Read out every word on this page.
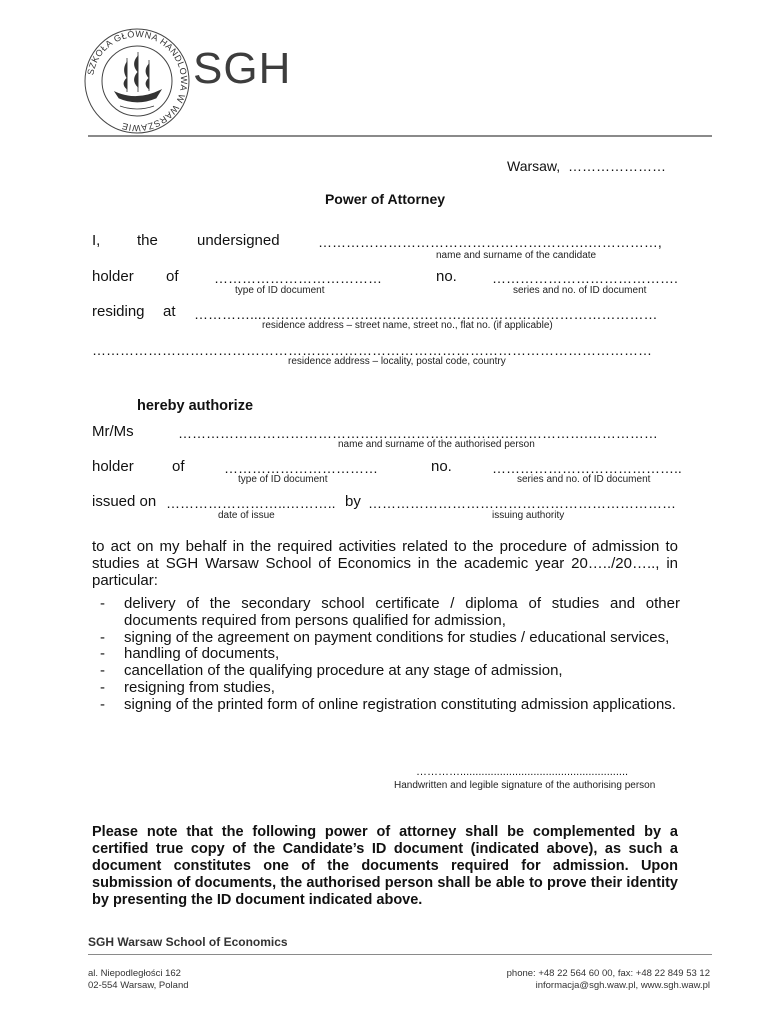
SZKOŁA GŁÓWNA HANDLOWA W WARSZAWIE
SGH
Warsaw, …………………
Power of Attorney
I, the	undersigned	………………………………………………….……………,
name and surname of the candidate
holder of	………………………………	no.	………………………………….
type of ID document	series and no. of ID document
residing at …………...…………………….……………………………………………………
residence address – street name, street no., flat no. (if applicable)
…………………………………………………………………………………………………………
residence address – locality, postal code, country
hereby authorize
Mr/Ms	…………………………………………………………………………….……………
name and surname of the authorised person
holder	of	……………………………	no.	…………………………………..
type of ID document	series and no. of ID document
issued on ……………………..……….. by …………………………………………………………
date of issue	issuing authority
to act on my behalf in the required activities related to the procedure of admission to studies at SGH Warsaw School of Economics in the academic year 20…../20….., in particular:
- delivery of the secondary school certificate / diploma of studies and other documents required from persons qualified for admission,
- signing of the agreement on payment conditions for studies / educational services,
- handling of documents,
- cancellation of the qualifying procedure at any stage of admission,
- resigning from studies,
- signing of the printed form of online registration constituting admission applications.
………….......................................................
Handwritten and legible signature of the authorising person
Please note that the following power of attorney shall be complemented by a certified true copy of the Candidate’s ID document (indicated above), as such a document constitutes one of the documents required for admission. Upon submission of documents, the authorised person shall be able to prove their identity by presenting the ID document indicated above.
SGH Warsaw School of Economics
al. Niepodległości 162
02-554 Warsaw, Poland
phone: +48 22 564 60 00, fax: +48 22 849 53 12
informacja@sgh.waw.pl, www.sgh.waw.pl
